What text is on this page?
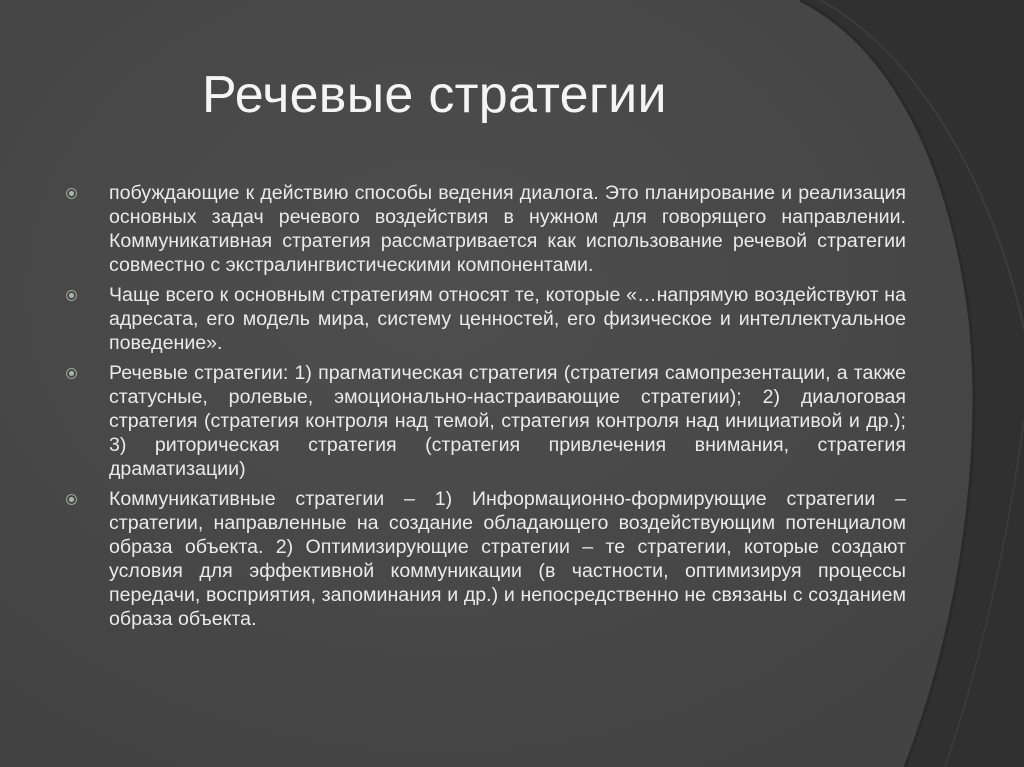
Речевые стратегии
побуждающие к действию способы ведения диалога. Это планирование и реализация основных задач речевого воздействия в нужном для говорящего направлении. Коммуникативная стратегия рассматривается как использование речевой стратегии совместно с экстралингвистическими компонентами.
Чаще всего к основным стратегиям относят те, которые «…напрямую воздействуют на адресата, его модель мира, систему ценностей, его физическое и интеллектуальное поведение».
Речевые стратегии: 1) прагматическая стратегия (стратегия самопрезентации, а также статусные, ролевые, эмоционально-настраивающие стратегии); 2) диалоговая стратегия (стратегия контроля над темой, стратегия контроля над инициативой и др.); 3) риторическая стратегия (стратегия привлечения внимания, стратегия драматизации)
Коммуникативные стратегии – 1) Информационно-формирующие стратегии – стратегии, направленные на создание обладающего воздействующим потенциалом образа объекта. 2) Оптимизирующие стратегии – те стратегии, которые создают условия для эффективной коммуникации (в частности, оптимизируя процессы передачи, восприятия, запоминания и др.) и непосредственно не связаны с созданием образа объекта.
